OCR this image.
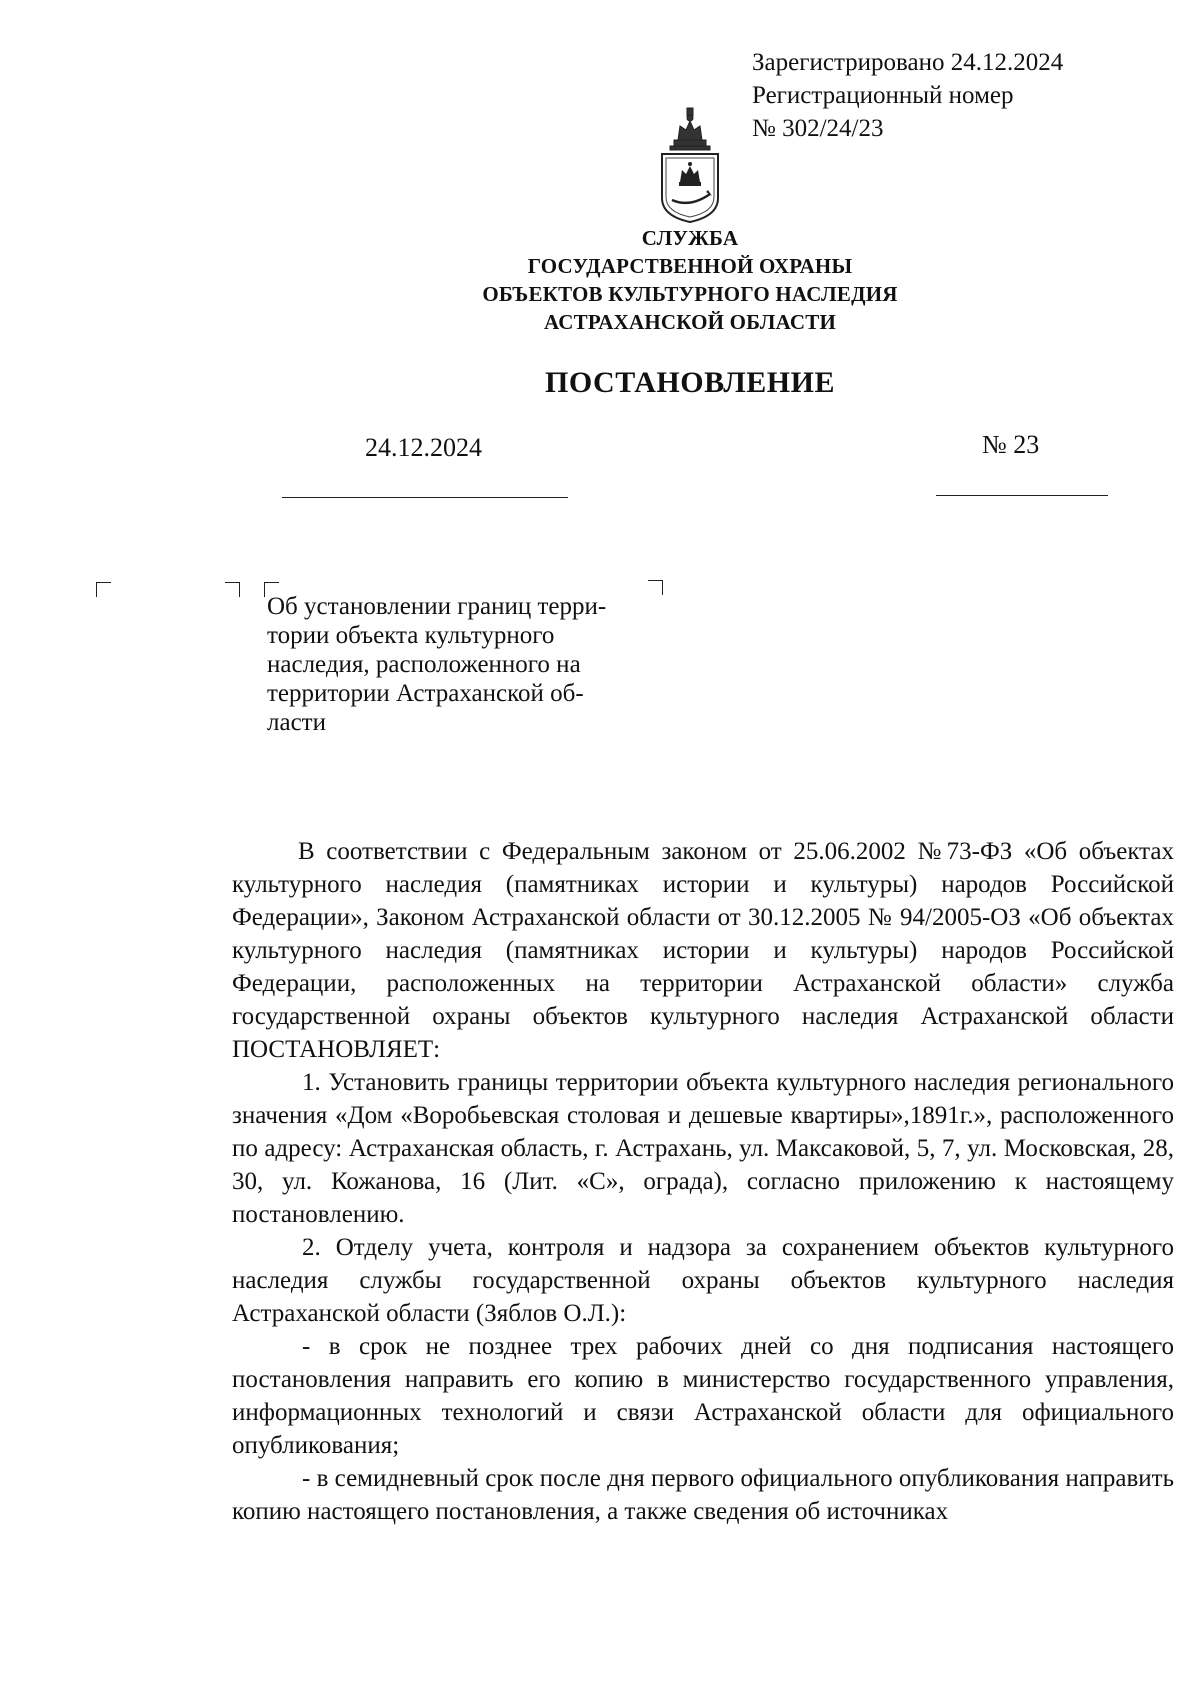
Зарегистрировано 24.12.2024
Регистрационный номер
№ 302/24/23
СЛУЖБА
ГОСУДАРСТВЕННОЙ ОХРАНЫ
ОБЪЕКТОВ КУЛЬТУРНОГО НАСЛЕДИЯ
АСТРАХАНСКОЙ ОБЛАСТИ
ПОСТАНОВЛЕНИЕ
24.12.2024	№ 23
Об установлении границ терри-
тории объекта культурного
наследия, расположенного на
территории Астраханской об-
ласти

В соответствии с Федеральным законом от 25.06.2002 №73-ФЗ «Об объектах культурного наследия (памятниках истории и культуры) народов Российской Федерации», Законом Астраханской области от 30.12.2005 № 94/2005-ОЗ «Об объектах культурного наследия (памятниках истории и культуры) народов Российской Федерации, расположенных на территории Астраханской области» служба государственной охраны объектов культурного наследия Астраханской области ПОСТАНОВЛЯЕТ:

1. Установить границы территории объекта культурного наследия регионального значения «Дом «Воробьевская столовая и дешевые квартиры»,1891г.», расположенного по адресу: Астраханская область, г. Астрахань, ул. Максаковой, 5, 7, ул. Московская, 28, 30, ул. Кожанова, 16 (Лит. «С», ограда), согласно приложению к настоящему постановлению.

2. Отделу учета, контроля и надзора за сохранением объектов культурного наследия службы государственной охраны объектов культурного наследия Астраханской области (Зяблов О.Л.):

- в срок не позднее трех рабочих дней со дня подписания настоящего постановления направить его копию в министерство государственного управления, информационных технологий и связи Астраханской области для официального опубликования;

- в семидневный срок после дня первого официального опубликования направить копию настоящего постановления, а также сведения об источниках
